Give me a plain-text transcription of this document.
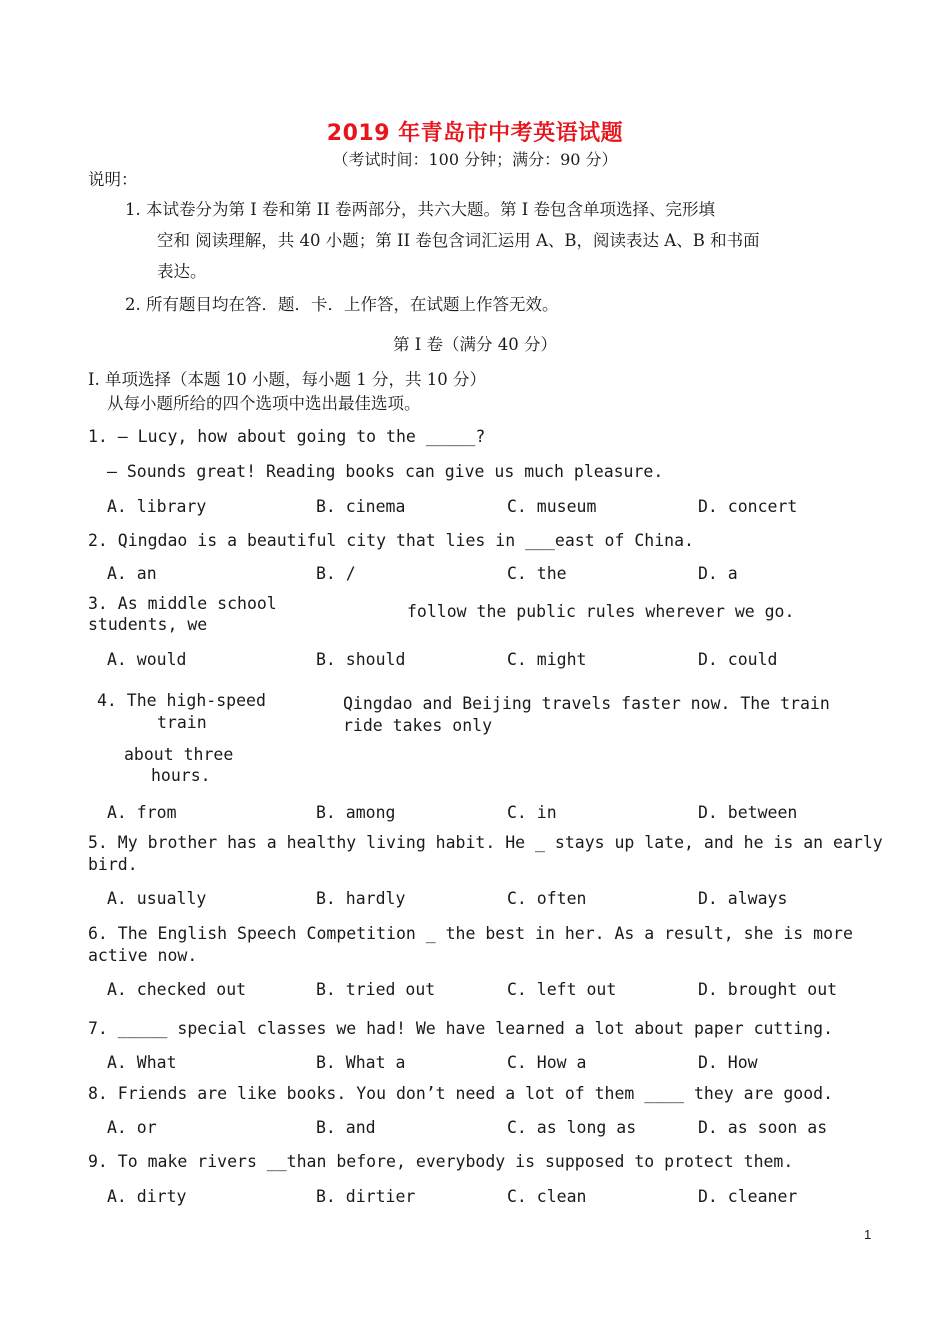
2019 年青岛市中考英语试题
（考试时间：100 分钟；满分：90 分）
说明：
1. 本试卷分为第 I 卷和第 II 卷两部分，共六大题。第 I 卷包含单项选择、完形填
空和 阅读理解，共 40 小题；第 II 卷包含词汇运用 A、B，阅读表达 A、B 和书面
表达。
2. 所有题目均在答．题．卡．上作答，在试题上作答无效。
第 I 卷（满分 40 分）
I. 单项选择（本题 10 小题，每小题 1 分，共 10 分）
从每小题所给的四个选项中选出最佳选项。
1. — Lucy, how about going to the _____?
— Sounds great! Reading books can give us much pleasure.
A. library	B. cinema	C. museum	D. concert
2. Qingdao is a beautiful city that lies in ___east of China.
A. an	B. /	C. the	D. a
3. As middle school
students, we
follow the public rules wherever we go.
A. would	B. should	C. might	D. could
4. The high-speed
train
Qingdao and Beijing travels faster now. The train
ride takes only
about three
hours.
A. from	B. among	C. in	D. between
5. My brother has a healthy living habit. He _ stays up late, and he is an early
bird.
A. usually	B. hardly	C. often	D. always
6. The English Speech Competition _ the best in her. As a result, she is more
active now.
A. checked out	B. tried out	C. left out	D. brought out
7. _____ special classes we had! We have learned a lot about paper cutting.
A. What	B. What a	C. How a	D. How
8. Friends are like books. You don’t need a lot of them ____ they are good.
A. or	B. and	C. as long as	D. as soon as
9. To make rivers __than before, everybody is supposed to protect them.
A. dirty	B. dirtier	C. clean	D. cleaner
1
